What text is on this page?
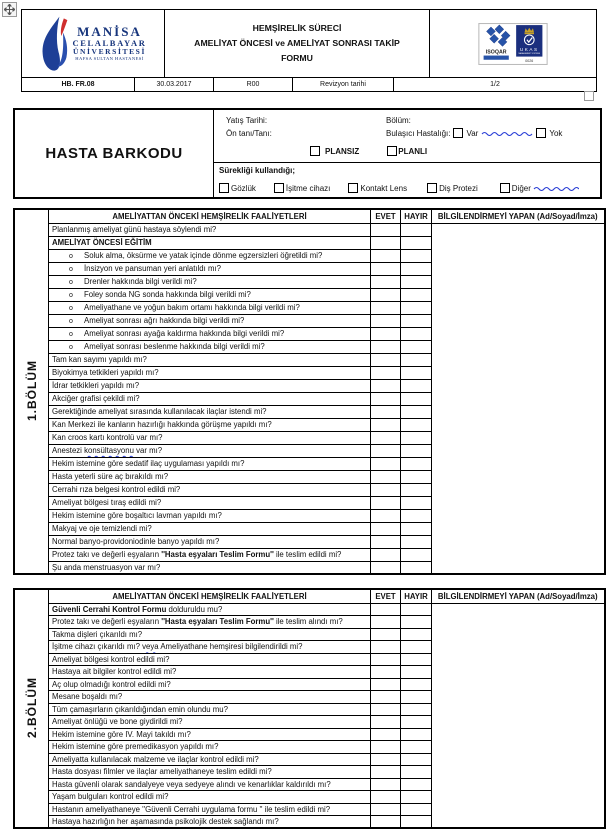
MANİSA
CELALBAYAR
ÜNİVERSİTESİ
HAFSA SULTAN HASTANESİ
HEMŞİRELİK SÜRECİ
AMELİYAT ÖNCESİ ve AMELİYAT SONRASI TAKİP
FORMU
ISOQAR
UKAS
MANAGEMENT SYSTEMS
0026
HB. FR.08	30.03.2017	R00	Revizyon tarihi	1/2
HASTA BARKODU
Yatış Tarihi:
Ön tanı/Tanı:
Bölüm:
Bulaşıcı Hastalığı: Var	Yok
PLANSIZ	PLANLI
Sürekliği kullandığı;
Gözlük	İşitme cihazı	Kontakt Lens	Diş Protezi	Diğer
1.BÖLÜM	AMELİYATTAN ÖNCEKİ HEMŞİRELİK FAALİYETLERİ	EVET	HAYIR	BİLGİLENDİRMEYİ YAPAN (Ad/Soyad/İmza)
	Planlanmış ameliyat günü hastaya söylendi mi?			
	AMELİYAT ÖNCESİ EĞİTİM			
	o Soluk alma, öksürme ve yatak içinde dönme egzersizleri öğretildi mi?			
	o İnsizyon ve pansuman yeri anlatıldı mı?			
	o Drenler hakkında bilgi verildi mi?			
	o Foley sonda NG sonda hakkında bilgi verildi mi?			
	o Ameliyathane ve yoğun bakım ortamı hakkında bilgi verildi mi?			
	o Ameliyat sonrası ağrı hakkında bilgi verildi mi?			
	o Ameliyat sonrası ayağa kaldırma hakkında bilgi verildi mi?			
	o Ameliyat sonrası beslenme hakkında bilgi verildi mi?			
	Tam kan sayımı yapıldı mı?			
	Biyokimya tetkikleri yapıldı mı?			
	İdrar tetkikleri yapıldı mı?			
	Akciğer grafisi çekildi mi?			
	Gerektiğinde ameliyat sırasında kullanılacak ilaçlar istendi mi?			
	Kan Merkezi ile kanların hazırlığı hakkında görüşme yapıldı mı?			
	Kan croos kartı kontrolü var mı?			
	Anestezi konsültasyonu var mı?			
	Hekim istemine göre sedatif ilaç uygulaması yapıldı mı?			
	Hasta yeterli süre aç bırakıldı mı?			
	Cerrahi rıza belgesi kontrol edildi mi?			
	Ameliyat bölgesi tıraş edildi mi?			
	Hekim istemine göre boşaltıcı lavman yapıldı mı?			
	Makyaj ve oje temizlendi mi?			
	Normal banyo-providoniodinle banyo yapıldı mı?			
	Protez takı ve değerli eşyaların ''Hasta eşyaları Teslim Formu'' ile teslim edildi mi?			
	Şu anda menstruasyon var mı?			
2.BÖLÜM	AMELİYATTAN ÖNCEKİ HEMŞİRELİK FAALİYETLERİ	EVET	HAYIR	BİLGİLENDİRMEYİ YAPAN (Ad/Soyad/İmza)
	Güvenli Cerrahi Kontrol Formu dolduruldu mu?			
	Protez takı ve değerli eşyaların ''Hasta eşyaları Teslim Formu'' ile teslim alındı mı?			
	Takma dişleri çıkarıldı mı?			
	İşitme cihazı çıkarıldı mı? veya Ameliyathane hemşiresi bilgilendirildi mi?			
	Ameliyat bölgesi kontrol edildi mi?			
	Hastaya ait bilgiler kontrol edildi mi?			
	Aç olup olmadığı kontrol edildi mi?			
	Mesane boşaldı mı?			
	Tüm çamaşırların çıkarıldığından emin olundu mu?			
	Ameliyat önlüğü ve bone giydirildi mi?			
	Hekim istemine göre IV. Mayi takıldı mı?			
	Hekim istemine göre premedikasyon yapıldı mı?			
	Ameliyatta kullanılacak malzeme ve ilaçlar kontrol edildi mi?			
	Hasta dosyası filmler ve ilaçlar ameliyathaneye teslim edildi mi?			
	Hasta güvenli olarak sandalyeye veya sedyeye alındı ve kenarlıklar kaldırıldı mı?			
	Yaşam bulguları kontrol edildi mi?			
	Hastanın ameliyathaneye ''Güvenli Cerrahi uygulama formu '' ile teslim edildi mi?			
	Hastaya hazırlığın her aşamasında psikolojik destek sağlandı mı?			
